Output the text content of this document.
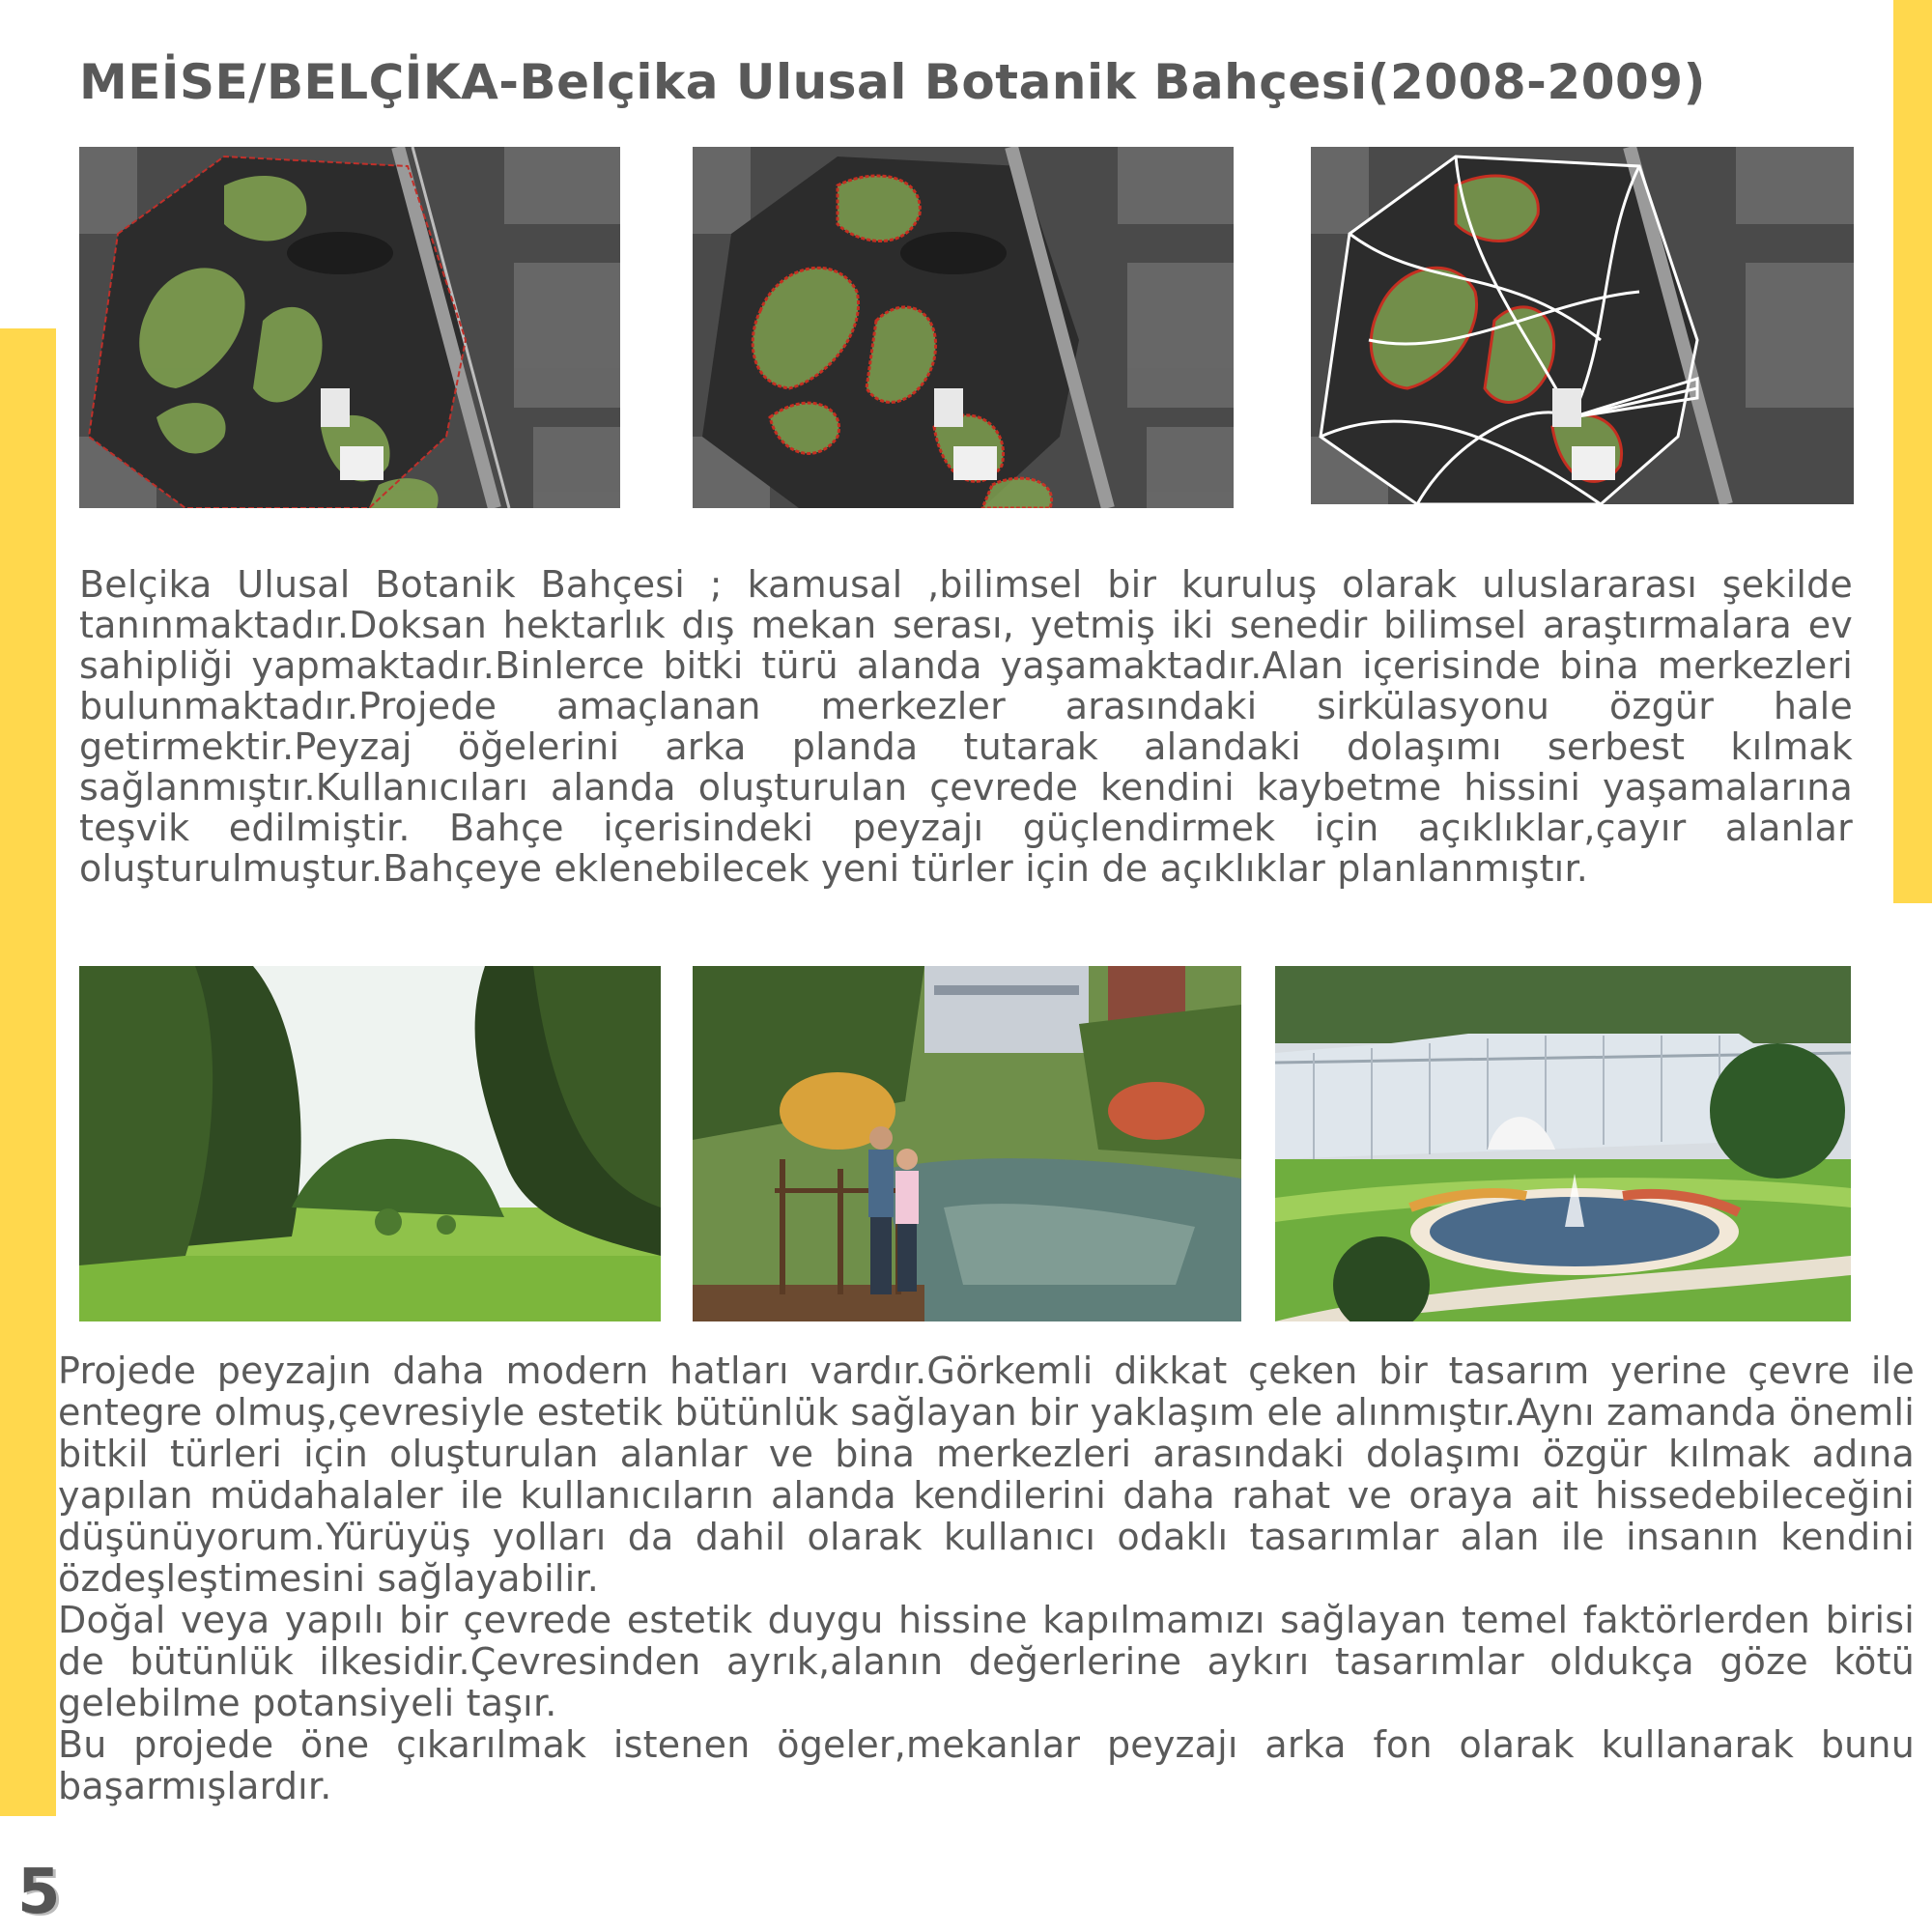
MEİSE/BELÇİKA-Belçika Ulusal Botanik Bahçesi(2008-2009)

Belçika Ulusal Botanik Bahçesi ; kamusal ,bilimsel bir kuruluş olarak uluslararası şekilde tanınmaktadır.Doksan hektarlık dış mekan serası, yetmiş iki senedir bilimsel araştırmalara ev sahipliği yapmaktadır.Binlerce bitki türü alanda yaşamaktadır.Alan içerisinde bina merkezleri bulunmaktadır.Projede amaçlanan merkezler arasındaki sirkülasyonu özgür hale getirmektir.Peyzaj öğelerini arka planda tutarak alandaki dolaşımı serbest kılmak sağlanmıştır.Kullanıcıları alanda oluşturulan çevrede kendini kaybetme hissini yaşamalarına teşvik edilmiştir. Bahçe içerisindeki peyzajı güçlendirmek için açıklıklar,çayır alanlar oluşturulmuştur.Bahçeye eklenebilecek yeni türler için de açıklıklar planlanmıştır.

Projede peyzajın daha modern hatları vardır.Görkemli dikkat çeken bir tasarım yerine çevre ile entegre olmuş,çevresiyle estetik bütünlük sağlayan bir yaklaşım ele alınmıştır.Aynı zamanda önemli bitkil türleri için oluşturulan alanlar ve bina merkezleri arasındaki dolaşımı özgür kılmak adına yapılan müdahalaler ile kullanıcıların alanda kendilerini daha rahat ve oraya ait hissedebileceğini düşünüyorum.Yürüyüş yolları da dahil olarak kullanıcı odaklı tasarımlar alan ile insanın kendini özdeşleştimesini sağlayabilir.

Doğal veya yapılı bir çevrede estetik duygu hissine kapılmamızı sağlayan temel faktörlerden birisi de bütünlük ilkesidir.Çevresinden ayrık,alanın değerlerine aykırı tasarımlar oldukça göze kötü gelebilme potansiyeli taşır.

Bu projede öne çıkarılmak istenen ögeler,mekanlar peyzajı arka fon olarak kullanarak bunu başarmışlardır.

5
